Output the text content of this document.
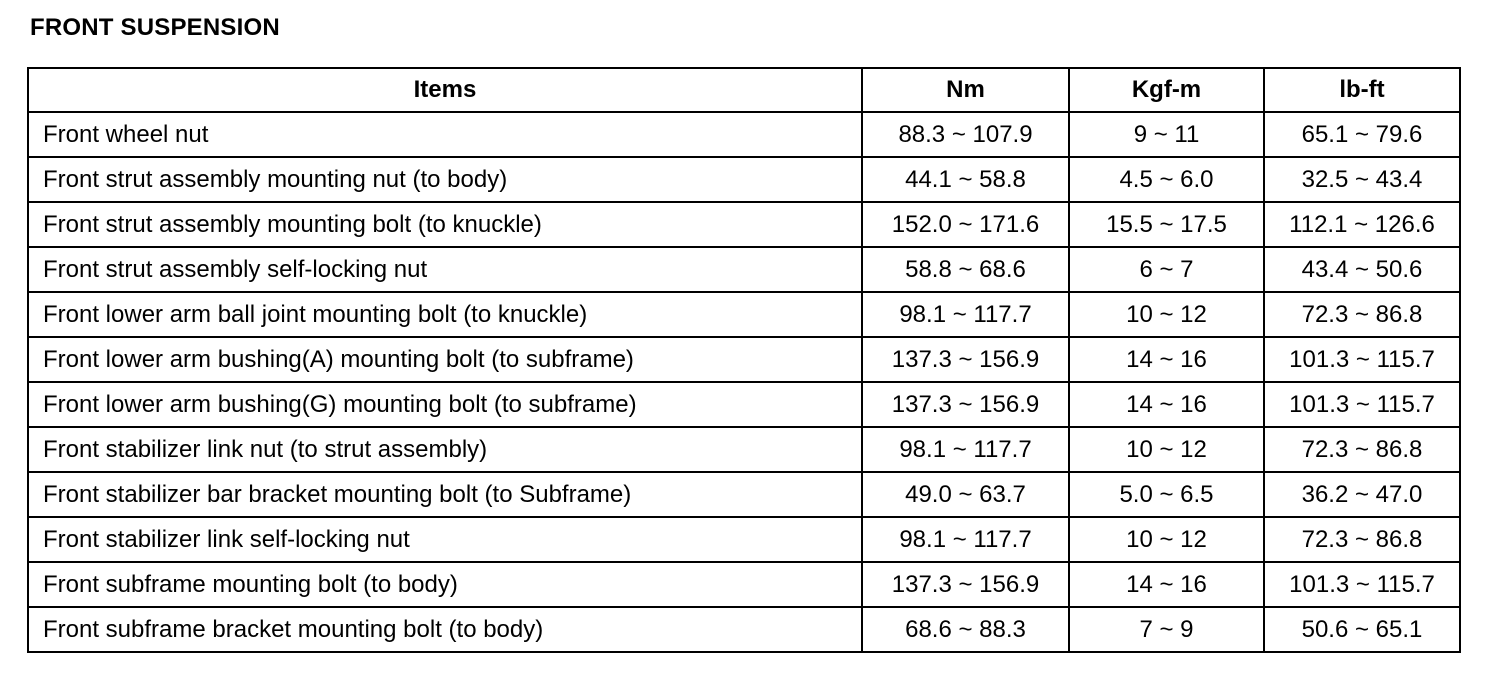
FRONT SUSPENSION
Items	Nm	Kgf-m	lb-ft
Front wheel nut	88.3 ~ 107.9	9 ~ 11	65.1 ~ 79.6
Front strut assembly mounting nut (to body)	44.1 ~ 58.8	4.5 ~ 6.0	32.5 ~ 43.4
Front strut assembly mounting bolt (to knuckle)	152.0 ~ 171.6	15.5 ~ 17.5	112.1 ~ 126.6
Front strut assembly self-locking nut	58.8 ~ 68.6	6 ~ 7	43.4 ~ 50.6
Front lower arm ball joint mounting bolt (to knuckle)	98.1 ~ 117.7	10 ~ 12	72.3 ~ 86.8
Front lower arm bushing(A) mounting bolt (to subframe)	137.3 ~ 156.9	14 ~ 16	101.3 ~ 115.7
Front lower arm bushing(G) mounting bolt (to subframe)	137.3 ~ 156.9	14 ~ 16	101.3 ~ 115.7
Front stabilizer link nut (to strut assembly)	98.1 ~ 117.7	10 ~ 12	72.3 ~ 86.8
Front stabilizer bar bracket mounting bolt (to Subframe)	49.0 ~ 63.7	5.0 ~ 6.5	36.2 ~ 47.0
Front stabilizer link self-locking nut	98.1 ~ 117.7	10 ~ 12	72.3 ~ 86.8
Front subframe mounting bolt (to body)	137.3 ~ 156.9	14 ~ 16	101.3 ~ 115.7
Front subframe bracket mounting bolt (to body)	68.6 ~ 88.3	7 ~ 9	50.6 ~ 65.1
